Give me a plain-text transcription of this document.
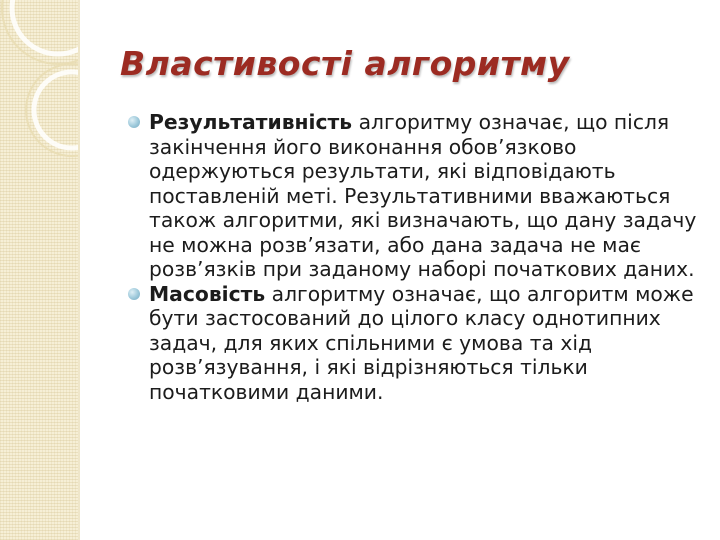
Властивості алгоритму
Результативність алгоритму означає, що після закінчення його виконання обов’язково одержуються результати, які відповідають поставленій меті. Результативними вважаються також алгоритми, які визначають, що дану задачу не можна розв’язати, або дана задача не має розв’язків при заданому наборі початкових даних.
Масовість алгоритму означає, що алгоритм може бути застосований до цілого класу однотипних задач, для яких спільними є умова та хід розв’язування, і які відрізняються тільки початковими даними.
